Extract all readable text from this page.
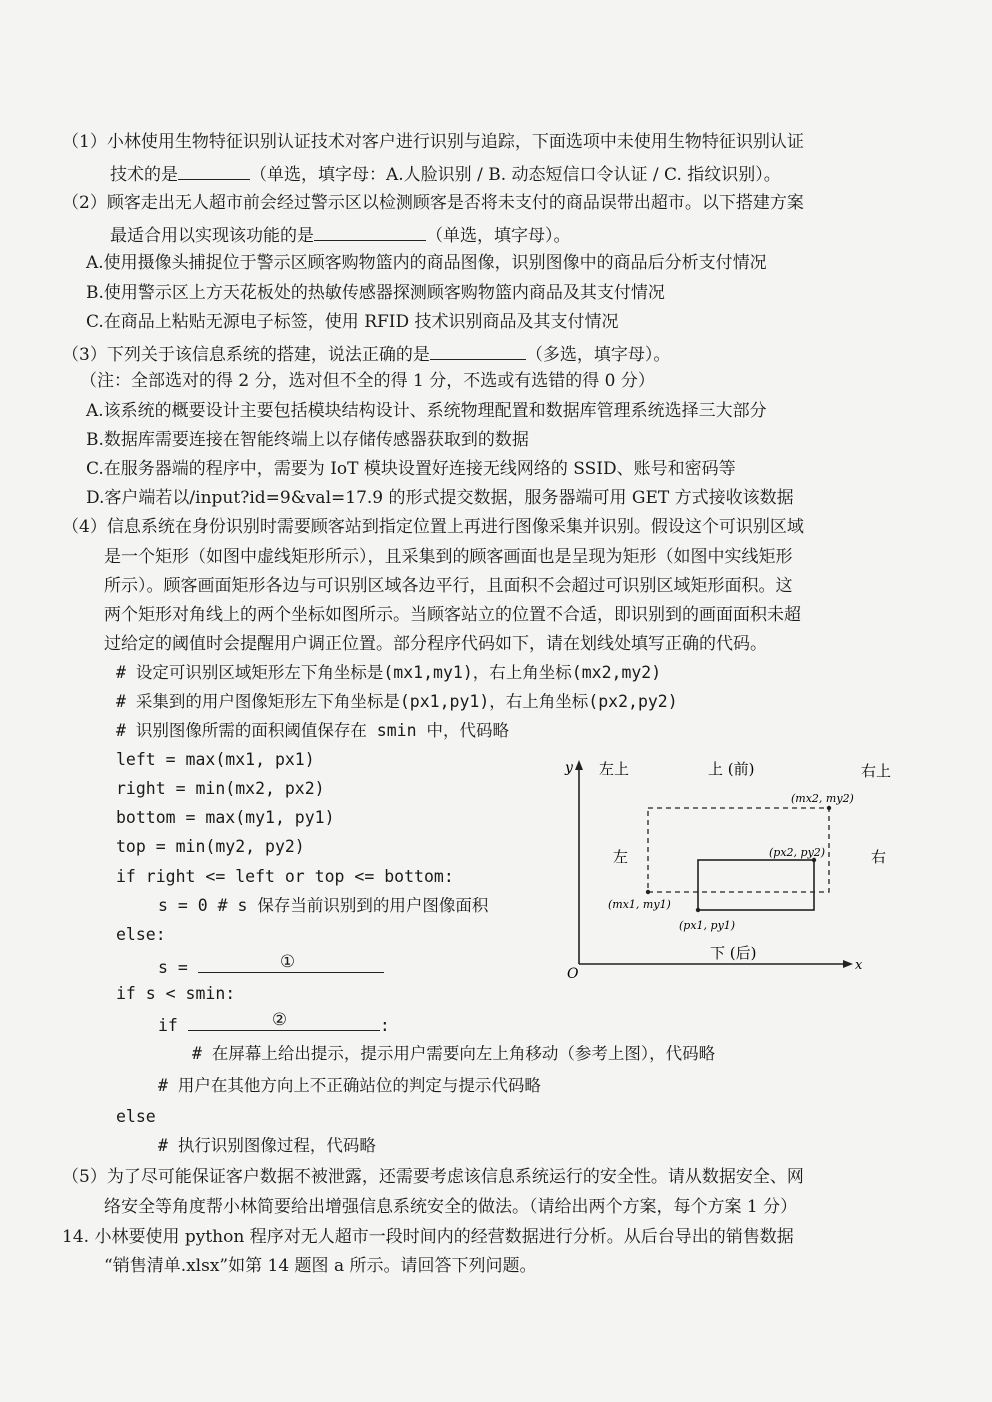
（1）小林使用生物特征识别认证技术对客户进行识别与追踪，下面选项中未使用生物特征识别认证
技术的是	（单选，填字母：A.人脸识别 / B. 动态短信口令认证 / C. 指纹识别）。
（2）顾客走出无人超市前会经过警示区以检测顾客是否将未支付的商品误带出超市。以下搭建方案
最适合用以实现该功能的是	（单选，填字母）。
A.使用摄像头捕捉位于警示区顾客购物篮内的商品图像，识别图像中的商品后分析支付情况
B.使用警示区上方天花板处的热敏传感器探测顾客购物篮内商品及其支付情况
C.在商品上粘贴无源电子标签，使用 RFID 技术识别商品及其支付情况
（3）下列关于该信息系统的搭建，说法正确的是	（多选，填字母）。
（注：全部选对的得 2 分，选对但不全的得 1 分，不选或有选错的得 0 分）
A.该系统的概要设计主要包括模块结构设计、系统物理配置和数据库管理系统选择三大部分
B.数据库需要连接在智能终端上以存储传感器获取到的数据
C.在服务器端的程序中，需要为 IoT 模块设置好连接无线网络的 SSID、账号和密码等
D.客户端若以/input?id=9&val=17.9 的形式提交数据，服务器端可用 GET 方式接收该数据
（4）信息系统在身份识别时需要顾客站到指定位置上再进行图像采集并识别。假设这个可识别区域
是一个矩形（如图中虚线矩形所示），且采集到的顾客画面也是呈现为矩形（如图中实线矩形
所示）。顾客画面矩形各边与可识别区域各边平行，且面积不会超过可识别区域矩形面积。这
两个矩形对角线上的两个坐标如图所示。当顾客站立的位置不合适，即识别到的画面面积未超
过给定的阈值时会提醒用户调正位置。部分程序代码如下，请在划线处填写正确的代码。
# 设定可识别区域矩形左下角坐标是(mx1,my1)，右上角坐标(mx2,my2)
# 采集到的用户图像矩形左下角坐标是(px1,py1)，右上角坐标(px2,py2)
# 识别图像所需的面积阈值保存在 smin 中，代码略
left = max(mx1, px1)
right = min(mx2, px2)
bottom = max(my1, py1)
top = min(my2, py2)
if right <= left or top <= bottom:
s = 0 # s 保存当前识别到的用户图像面积
else:
s =	①
if s < smin:
if	②	:
# 在屏幕上给出提示，提示用户需要向左上角移动（参考上图），代码略
# 用户在其他方向上不正确站位的判定与提示代码略
else
# 执行识别图像过程，代码略
y
x
O
左上	上 (前)	右上
左	右
下 (后)
(mx2, my2)
(mx1, my1)
(px2, py2)
(px1, py1)
（5）为了尽可能保证客户数据不被泄露，还需要考虑该信息系统运行的安全性。请从数据安全、网
络安全等角度帮小林简要给出增强信息系统安全的做法。（请给出两个方案，每个方案 1 分）
14. 小林要使用 python 程序对无人超市一段时间内的经营数据进行分析。从后台导出的销售数据
“销售清单.xlsx”如第 14 题图 a 所示。请回答下列问题。
